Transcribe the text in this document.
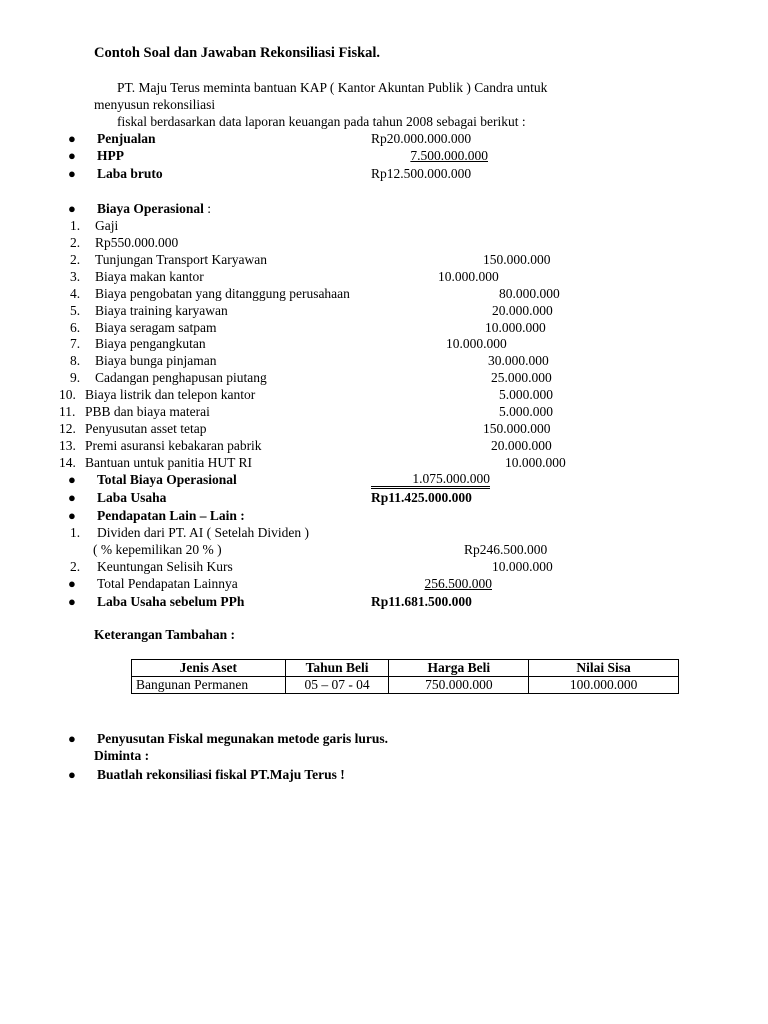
Contoh Soal dan Jawaban Rekonsiliasi Fiskal.
PT. Maju Terus meminta bantuan KAP ( Kantor Akuntan Publik ) Candra untuk
menyusun rekonsiliasi
fiskal berdasarkan data laporan keuangan pada tahun 2008 sebagai berikut :
● Penjualan	Rp20.000.000.000
● HPP	7.500.000.000
● Laba bruto	Rp12.500.000.000
● Biaya Operasional :
1. Gaji
2. Rp550.000.000
2. Tunjungan Transport Karyawan	150.000.000
3. Biaya makan kantor	10.000.000
4. Biaya pengobatan yang ditanggung perusahaan	80.000.000
5. Biaya training karyawan	20.000.000
6. Biaya seragam satpam	10.000.000
7. Biaya pengangkutan	10.000.000
8. Biaya bunga pinjaman	30.000.000
9. Cadangan penghapusan piutang	25.000.000
10. Biaya listrik dan telepon kantor	5.000.000
11. PBB dan biaya materai	5.000.000
12. Penyusutan asset tetap	150.000.000
13. Premi asuransi kebakaran pabrik	20.000.000
14. Bantuan untuk panitia HUT RI	10.000.000
● Total Biaya Operasional	1.075.000.000
● Laba Usaha	Rp11.425.000.000
● Pendapatan Lain – Lain :
1. Dividen dari PT. AI ( Setelah Dividen )
( % kepemilikan 20 % )	Rp246.500.000
2. Keuntungan Selisih Kurs	10.000.000
● Total Pendapatan Lainnya	256.500.000
● Laba Usaha sebelum PPh	Rp11.681.500.000
Keterangan Tambahan :
Jenis Aset	Tahun Beli	Harga Beli	Nilai Sisa
Bangunan Permanen	05 – 07 - 04	750.000.000	100.000.000
● Penyusutan Fiskal megunakan metode garis lurus.
Diminta :
● Buatlah rekonsiliasi fiskal PT.Maju Terus !
